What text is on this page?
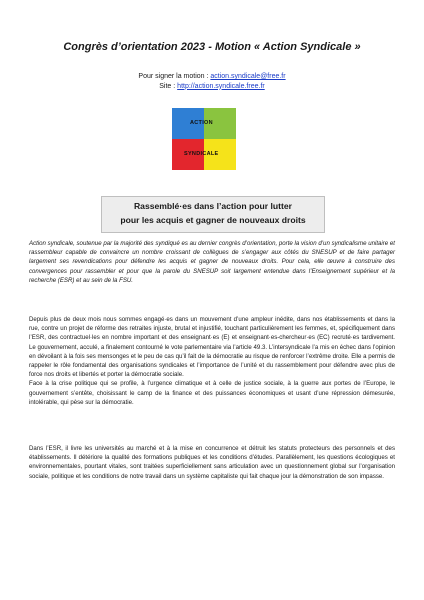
Congrès d’orientation 2023 - Motion « Action Syndicale »
Pour signer la motion : action.syndicale@free.fr
Site : http://action.syndicale.free.fr
ACTION
SYNDICALE
Rassemblé·es dans l’action pour lutter
pour les acquis et gagner de nouveaux droits
Action syndicale, soutenue par la majorité des syndiqué es au dernier congrès d’orientation, porte la vision d’un syndicalisme unitaire et rassembleur capable de convaincre un nombre croissant de collègues de s’engager aux côtés du SNESUP et de faire partager largement ses revendications pour défendre les acquis et gagner de nouveaux droits. Pour cela, elle œuvre à construire des convergences pour rassembler et pour que la parole du SNESUP soit largement entendue dans l’Enseignement supérieur et la recherche (ESR) et au sein de la FSU.
Depuis plus de deux mois nous sommes engagé·es dans un mouvement d’une ampleur inédite, dans nos établissements et dans la rue, contre un projet de réforme des retraites injuste, brutal et injustifié, touchant particulièrement les femmes, et, spécifiquement dans l’ESR, des contractuel·les en nombre important et des enseignant·es (E) et enseignant·es-chercheur·es (EC) recruté·es tardivement. Le gouvernement, acculé, a finalement contourné le vote parlementaire via l’article 49.3. L’intersyndicale l’a mis en échec dans l’opinion en dévoilant à la fois ses mensonges et le peu de cas qu’il fait de la démocratie au risque de renforcer l’extrême droite. Elle a permis de rappeler le rôle fondamental des organisations syndicales et l’importance de l’unité et du rassemblement pour défendre avec plus de force nos droits et libertés et porter la démocratie sociale.
Face à la crise politique qui se profile, à l’urgence climatique et à celle de justice sociale, à la guerre aux portes de l’Europe, le gouvernement s’entête, choisissant le camp de la finance et des puissances économiques et usant d’une répression démesurée, intolérable, qui pèse sur la démocratie.
Dans l’ESR, il livre les universités au marché et à la mise en concurrence et détruit les statuts protecteurs des personnels et des établissements. Il détériore la qualité des formations publiques et les conditions d’études. Parallèlement, les questions écologiques et environnementales, pourtant vitales, sont traitées superficiellement sans articulation avec un questionnement global sur l’organisation sociale, politique et les conditions de notre travail dans un système capitaliste qui fait chaque jour la démonstration de son impasse.
